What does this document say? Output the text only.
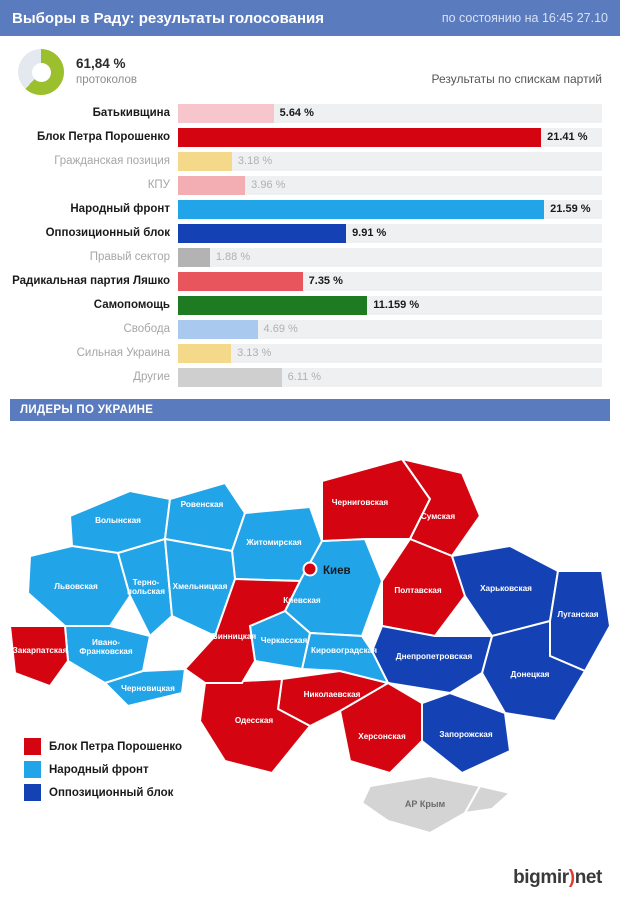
Выборы в Раду: результаты голосования	по состоянию на 16:45 27.10
61,84 %
протоколов	Результаты по спискам партий
Батькивщина	5.64 %
Блок Петра Порошенко	21.41 %
Гражданская позиция	3.18 %
КПУ	3.96 %
Народный фронт	21.59 %
Оппозиционный блок	9.91 %
Правый сектор	1.88 %
Радикальная партия Ляшко	7.35 %
Самопомощь	11.159 %
Свобода	4.69 %
Сильная Украина	3.13 %
Другие	6.11 %
ЛИДЕРЫ ПО УКРАИНЕ
Киев
Волынская
Ровенская
Житомирская
Львовская	Терно-польская
Хмельницкая
Ивано-Франковская
Закарпатская
Черновицкая
Киевская
Черниговская
Сумская
Полтавская	Харьковская
Луганская
Донецкая
Днепропетровская
Запорожская
Херсонская
Николаевская
Одесская
Кировоградская
Черкасская
Винницкая
АР Крым
Блок Петра Порошенко
Народный фронт
Оппозиционный блок
bigmir)net
